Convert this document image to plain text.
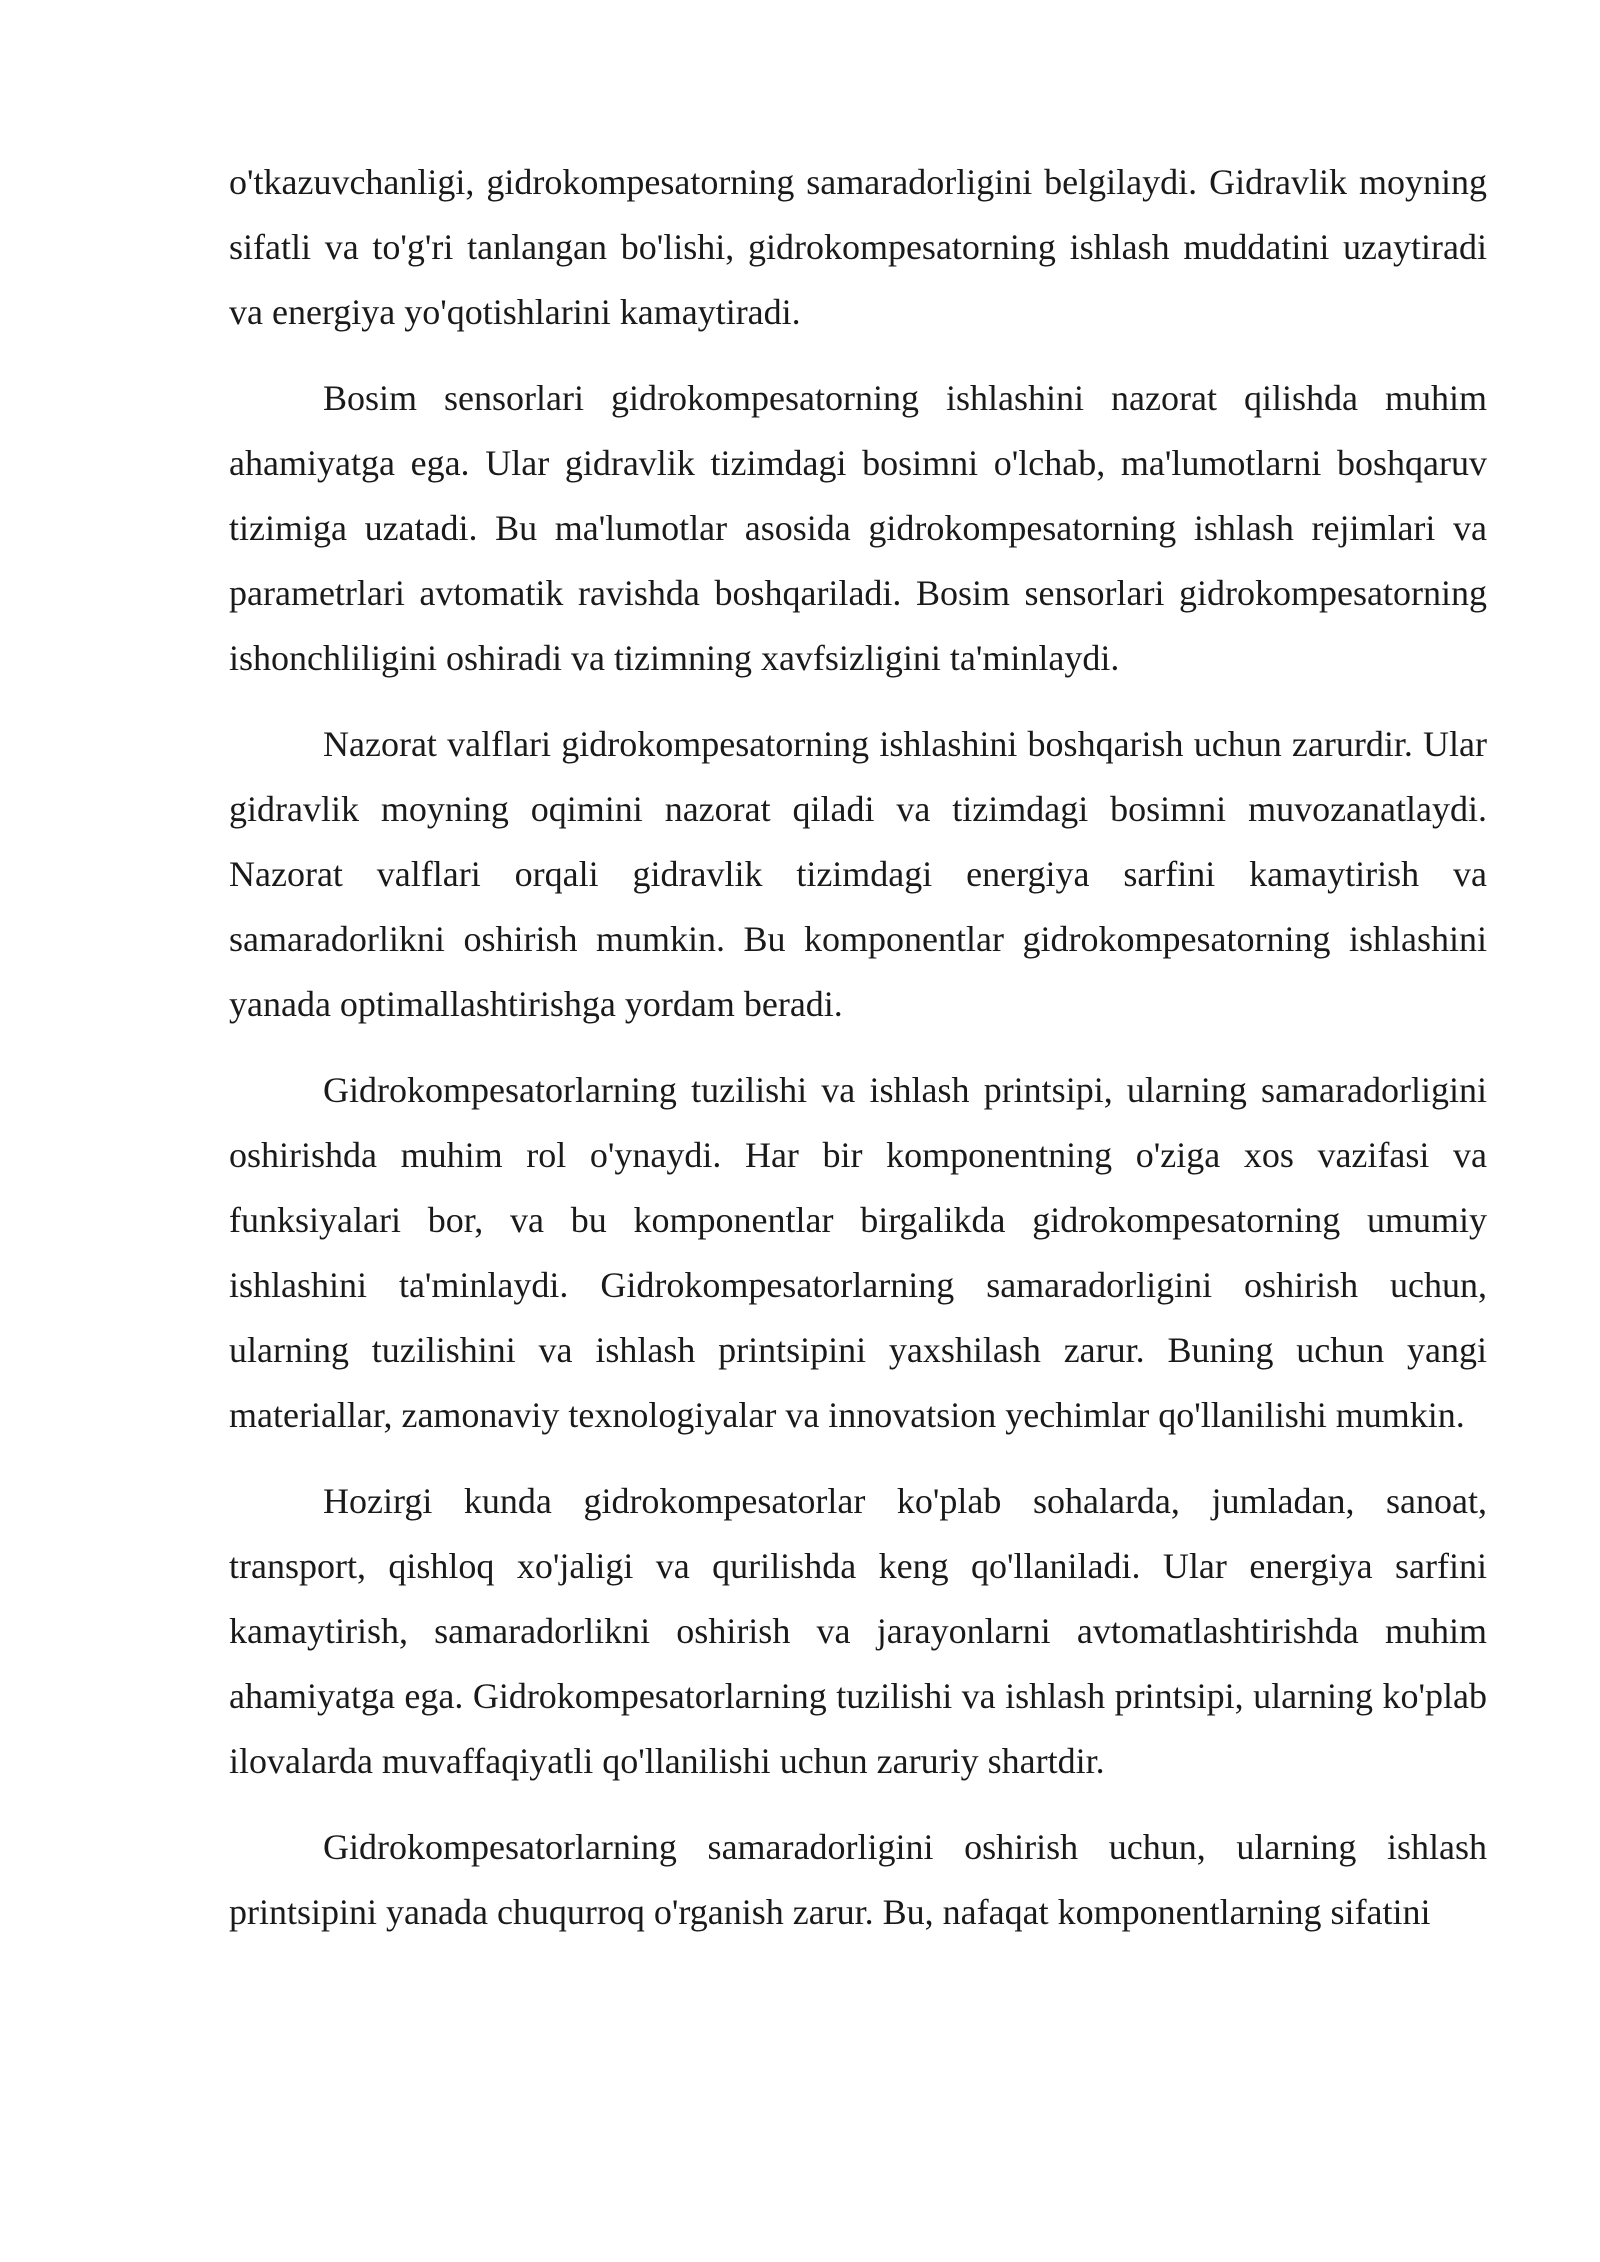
o'tkazuvchanligi, gidrokompesatorning samaradorligini belgilaydi. Gidravlik moyning sifatli va to'g'ri tanlangan bo'lishi, gidrokompesatorning ishlash muddatini uzaytiradi va energiya yo'qotishlarini kamaytiradi.

Bosim sensorlari gidrokompesatorning ishlashini nazorat qilishda muhim ahamiyatga ega. Ular gidravlik tizimdagi bosimni o'lchab, ma'lumotlarni boshqaruv tizimiga uzatadi. Bu ma'lumotlar asosida gidrokompesatorning ishlash rejimlari va parametrlari avtomatik ravishda boshqariladi. Bosim sensorlari gidrokompesatorning ishonchliligini oshiradi va tizimning xavfsizligini ta'minlaydi.

Nazorat valflari gidrokompesatorning ishlashini boshqarish uchun zarurdir. Ular gidravlik moyning oqimini nazorat qiladi va tizimdagi bosimni muvozanatlaydi. Nazorat valflari orqali gidravlik tizimdagi energiya sarfini kamaytirish va samaradorlikni oshirish mumkin. Bu komponentlar gidrokompesatorning ishlashini yanada optimallashtirishga yordam beradi.

Gidrokompesatorlarning tuzilishi va ishlash printsipi, ularning samaradorligini oshirishda muhim rol o'ynaydi. Har bir komponentning o'ziga xos vazifasi va funksiyalari bor, va bu komponentlar birgalikda gidrokompesatorning umumiy ishlashini ta'minlaydi. Gidrokompesatorlarning samaradorligini oshirish uchun, ularning tuzilishini va ishlash printsipini yaxshilash zarur. Buning uchun yangi materiallar, zamonaviy texnologiyalar va innovatsion yechimlar qo'llanilishi mumkin.

Hozirgi kunda gidrokompesatorlar ko'plab sohalarda, jumladan, sanoat, transport, qishloq xo'jaligi va qurilishda keng qo'llaniladi. Ular energiya sarfini kamaytirish, samaradorlikni oshirish va jarayonlarni avtomatlashtirishda muhim ahamiyatga ega. Gidrokompesatorlarning tuzilishi va ishlash printsipi, ularning ko'plab ilovalarda muvaffaqiyatli qo'llanilishi uchun zaruriy shartdir.

Gidrokompesatorlarning samaradorligini oshirish uchun, ularning ishlash printsipini yanada chuqurroq o'rganish zarur. Bu, nafaqat komponentlarning sifatini
